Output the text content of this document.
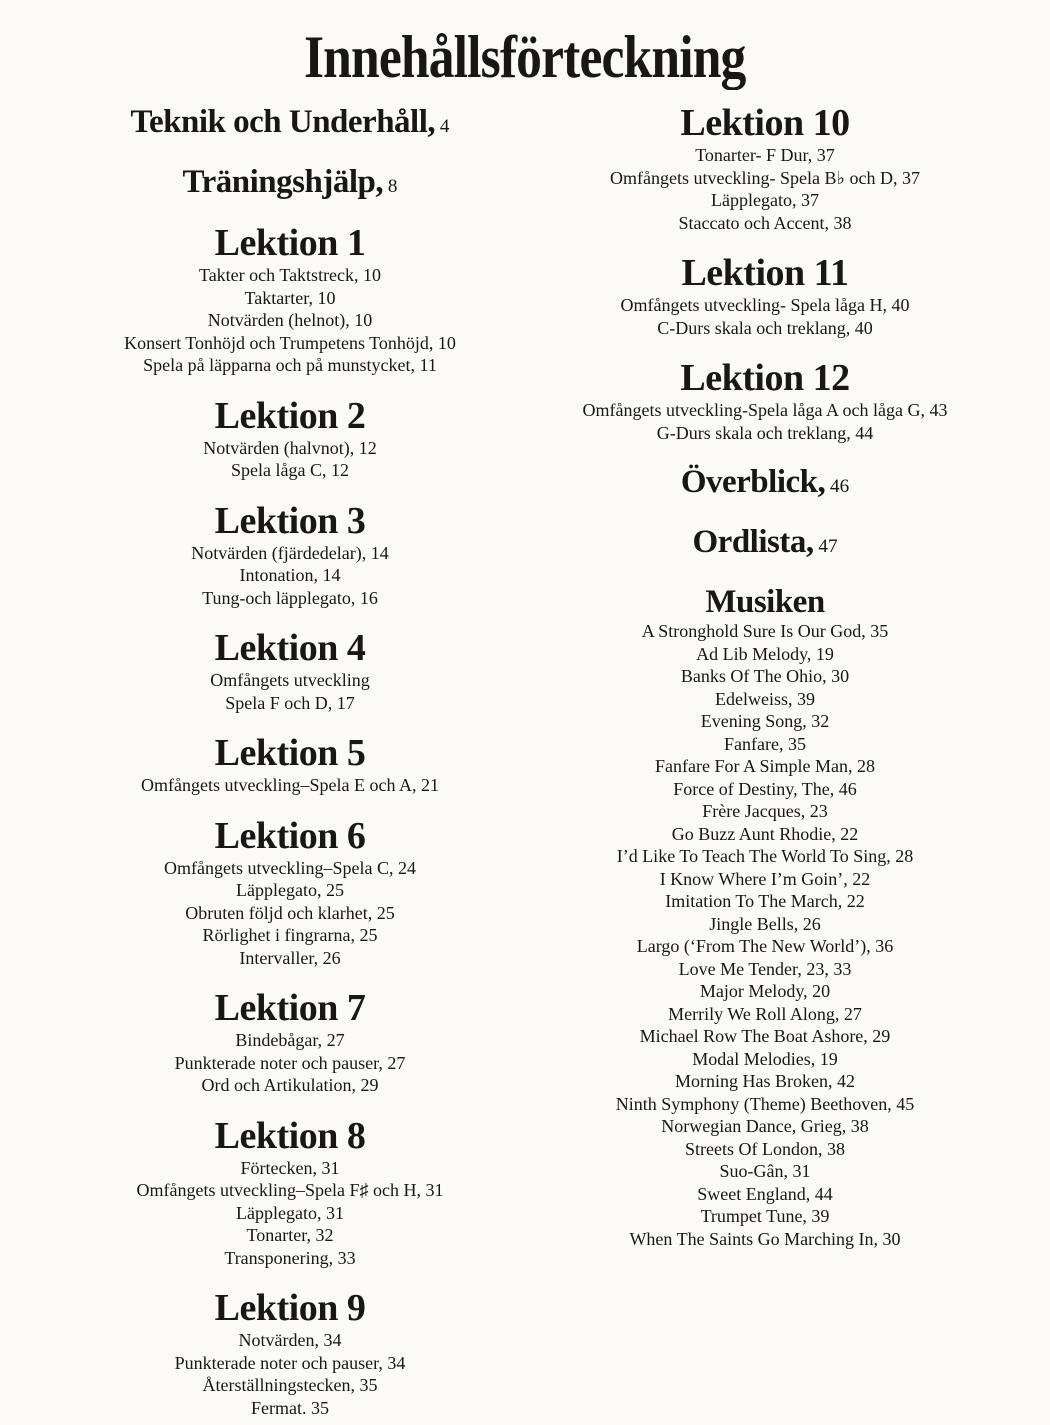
Innehållsförteckning
Teknik och Underhåll, 4
Träningshjälp, 8
Lektion 1
Takter och Taktstreck, 10
Taktarter, 10
Notvärden (helnot), 10
Konsert Tonhöjd och Trumpetens Tonhöjd, 10
Spela på läpparna och på munstycket, 11
Lektion 2
Notvärden (halvnot), 12
Spela låga C, 12
Lektion 3
Notvärden (fjärdedelar), 14
Intonation, 14
Tung-och läpplegato, 16
Lektion 4
Omfångets utveckling
Spela F och D, 17
Lektion 5
Omfångets utveckling–Spela E och A, 21
Lektion 6
Omfångets utveckling–Spela C, 24
Läpplegato, 25
Obruten följd och klarhet, 25
Rörlighet i fingrarna, 25
Intervaller, 26
Lektion 7
Bindebågar, 27
Punkterade noter och pauser, 27
Ord och Artikulation, 29
Lektion 8
Förtecken, 31
Omfångets utveckling–Spela F♯ och H, 31
Läpplegato, 31
Tonarter, 32
Transponering, 33
Lektion 9
Notvärden, 34
Punkterade noter och pauser, 34
Återställningstecken, 35
Fermat. 35
Lektion 10
Tonarter- F Dur, 37
Omfångets utveckling- Spela B♭ och D, 37
Läpplegato, 37
Staccato och Accent, 38
Lektion 11
Omfångets utveckling- Spela låga H, 40
C-Durs skala och treklang, 40
Lektion 12
Omfångets utveckling-Spela låga A och låga G, 43
G-Durs skala och treklang, 44
Överblick, 46
Ordlista, 47
Musiken
A Stronghold Sure Is Our God, 35
Ad Lib Melody, 19
Banks Of The Ohio, 30
Edelweiss, 39
Evening Song, 32
Fanfare, 35
Fanfare For A Simple Man, 28
Force of Destiny, The, 46
Frère Jacques, 23
Go Buzz Aunt Rhodie, 22
I’d Like To Teach The World To Sing, 28
I Know Where I’m Goin’, 22
Imitation To The March, 22
Jingle Bells, 26
Largo (‘From The New World’), 36
Love Me Tender, 23, 33
Major Melody, 20
Merrily We Roll Along, 27
Michael Row The Boat Ashore, 29
Modal Melodies, 19
Morning Has Broken, 42
Ninth Symphony (Theme) Beethoven, 45
Norwegian Dance, Grieg, 38
Streets Of London, 38
Suo-Gân, 31
Sweet England, 44
Trumpet Tune, 39
When The Saints Go Marching In, 30
